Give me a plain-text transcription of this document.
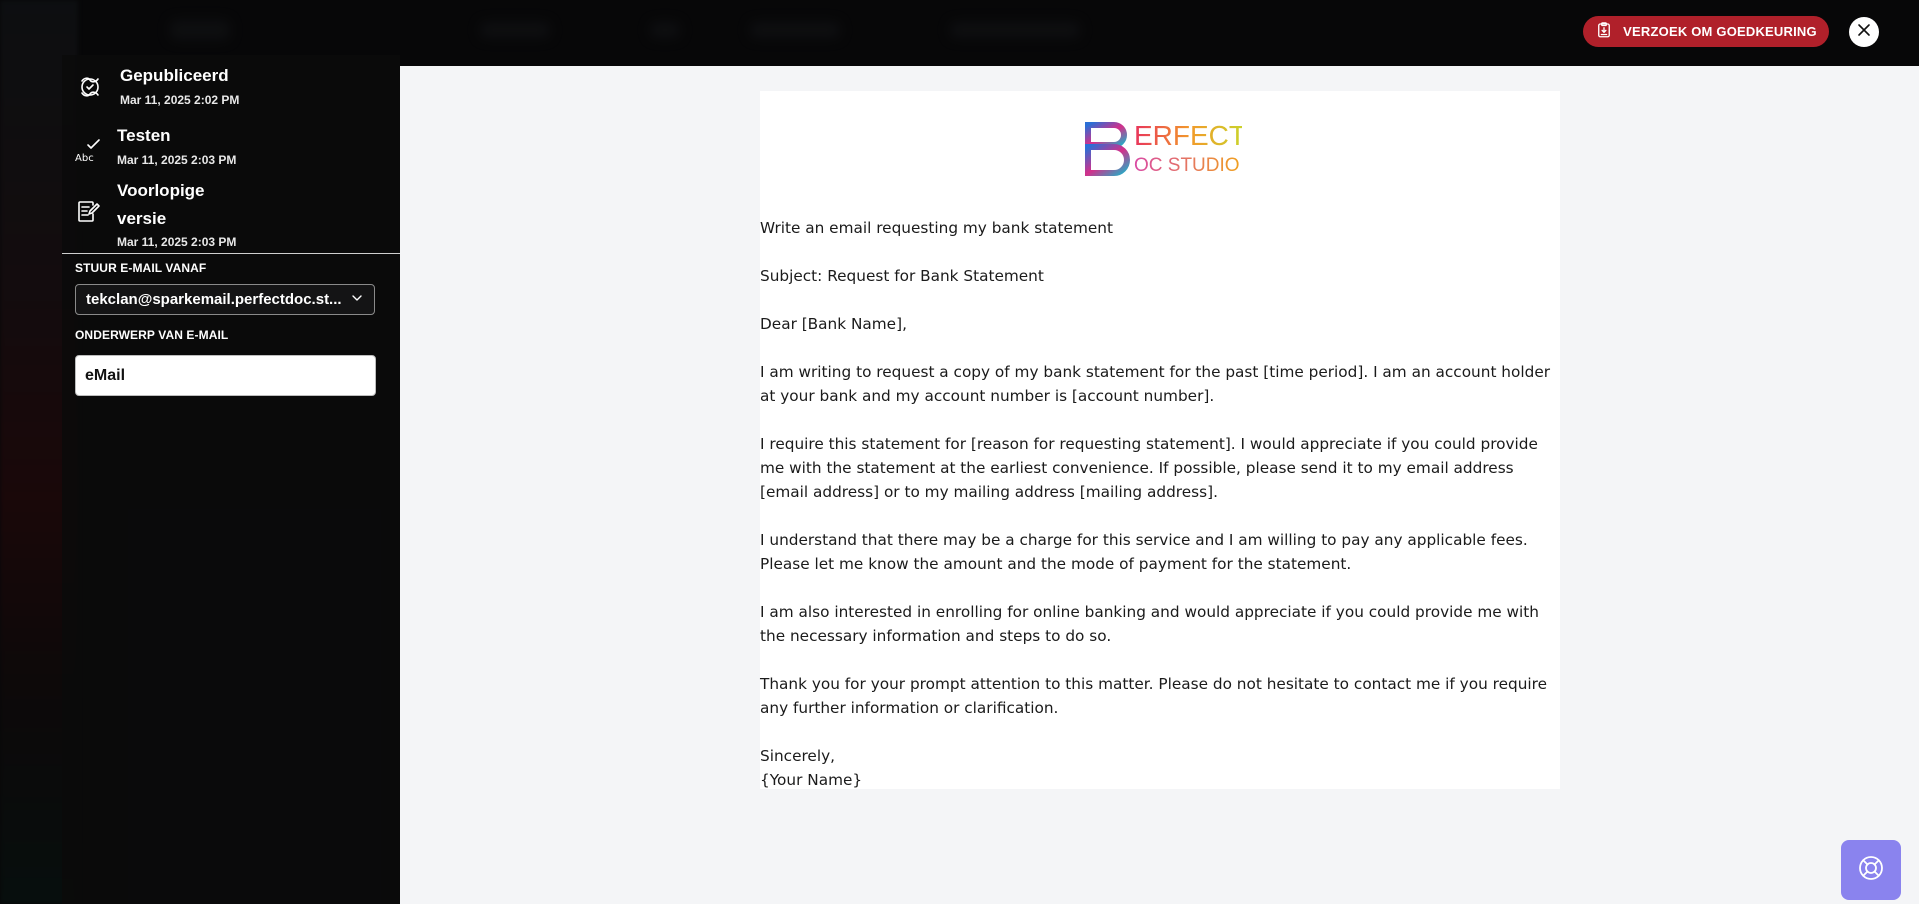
VERZOEK OM GOEDKEURING
Gepubliceerd
Mar 11, 2025 2:02 PM
Abc
Testen
Mar 11, 2025 2:03 PM
Voorlopige
versie
Mar 11, 2025 2:03 PM
STUUR E-MAIL VANAF
tekclan@sparkemail.perfectdoc.st...
ONDERWERP VAN E-MAIL
eMail
ERFECT
OC STUDIO

Write an email requesting my bank statement

Subject: Request for Bank Statement

Dear [Bank Name],

I am writing to request a copy of my bank statement for the past [time period]. I am an account holder at your bank and my account number is [account number].

I require this statement for [reason for requesting statement]. I would appreciate if you could provide me with the statement at the earliest convenience. If possible, please send it to my email address [email address] or to my mailing address [mailing address].

I understand that there may be a charge for this service and I am willing to pay any applicable fees. Please let me know the amount and the mode of payment for the statement.

I am also interested in enrolling for online banking and would appreciate if you could provide me with the necessary information and steps to do so.

Thank you for your prompt attention to this matter. Please do not hesitate to contact me if you require any further information or clarification.

Sincerely,

{Your Name}
